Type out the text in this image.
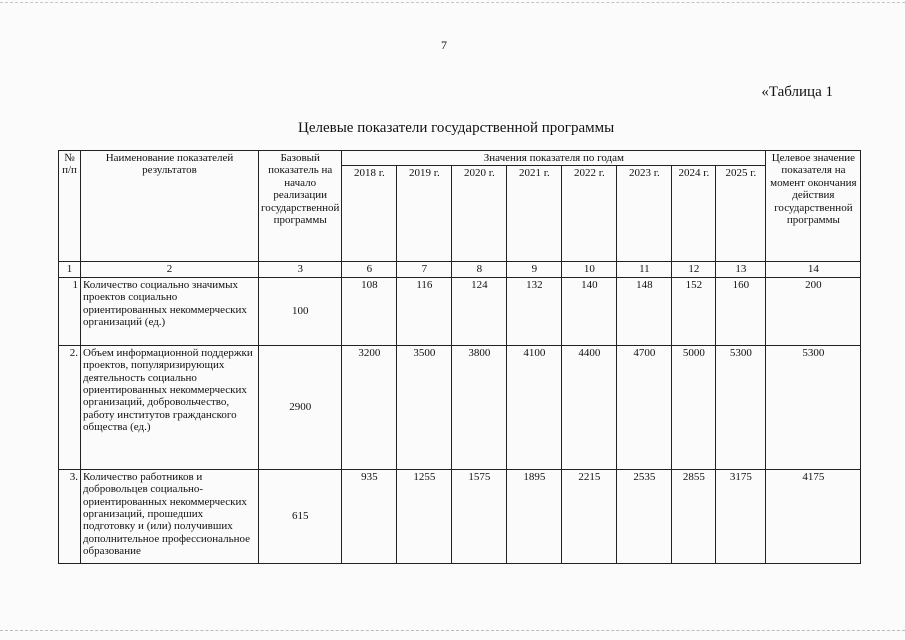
7
«Таблица 1
Целевые показатели государственной программы
№ п/п	Наименование показателей результатов	Базовый показатель на начало реализации государственной программы	Значения показателя по годам								Целевое значение показателя на момент окончания действия государственной программы
			2018 г.	2019 г.	2020 г.	2021 г.	2022 г.	2023 г.	2024 г.	2025 г.	
1	2	3	6	7	8	9	10	11	12	13	14
1	Количество социально значимых проектов социально ориентированных некоммерческих организаций (ед.)	100	108	116	124	132	140	148	152	160	200
2.	Объем информационной поддержки проектов, популяризирующих деятельность социально ориентированных некоммерческих организаций, добровольчество, работу институтов гражданского общества (ед.)	2900	3200	3500	3800	4100	4400	4700	5000	5300	5300
3.	Количество работников и добровольцев социально-ориентированных некоммерческих организаций, прошедших подготовку и (или) получивших дополнительное профессиональное образование	615	935	1255	1575	1895	2215	2535	2855	3175	4175
